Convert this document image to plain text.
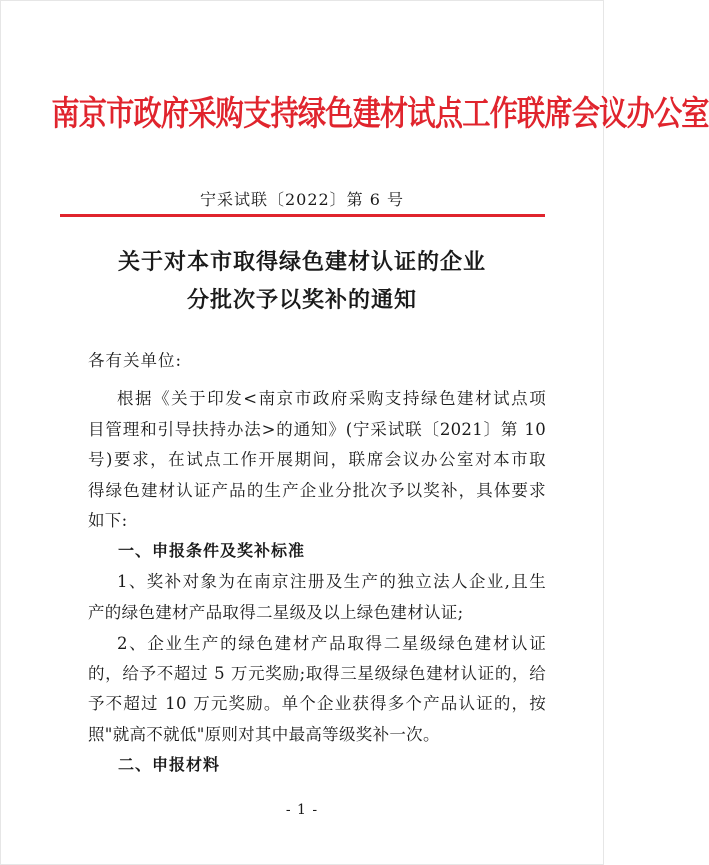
南京市政府采购支持绿色建材试点工作联席会议办公室
宁采试联〔2022〕第 6 号
关于对本市取得绿色建材认证的企业
分批次予以奖补的通知
各有关单位:
根据《关于印发<南京市政府采购支持绿色建材试点项
目管理和引导扶持办法>的通知》(宁采试联〔2021〕第 10
号)要求，在试点工作开展期间，联席会议办公室对本市取
得绿色建材认证产品的生产企业分批次予以奖补，具体要求
如下:
一、申报条件及奖补标准
1、奖补对象为在南京注册及生产的独立法人企业,且生
产的绿色建材产品取得二星级及以上绿色建材认证;
2、企业生产的绿色建材产品取得二星级绿色建材认证
的，给予不超过 5 万元奖励;取得三星级绿色建材认证的，给
予不超过 10 万元奖励。单个企业获得多个产品认证的，按
照"就高不就低"原则对其中最高等级奖补一次。
二、申报材料
- 1 -
